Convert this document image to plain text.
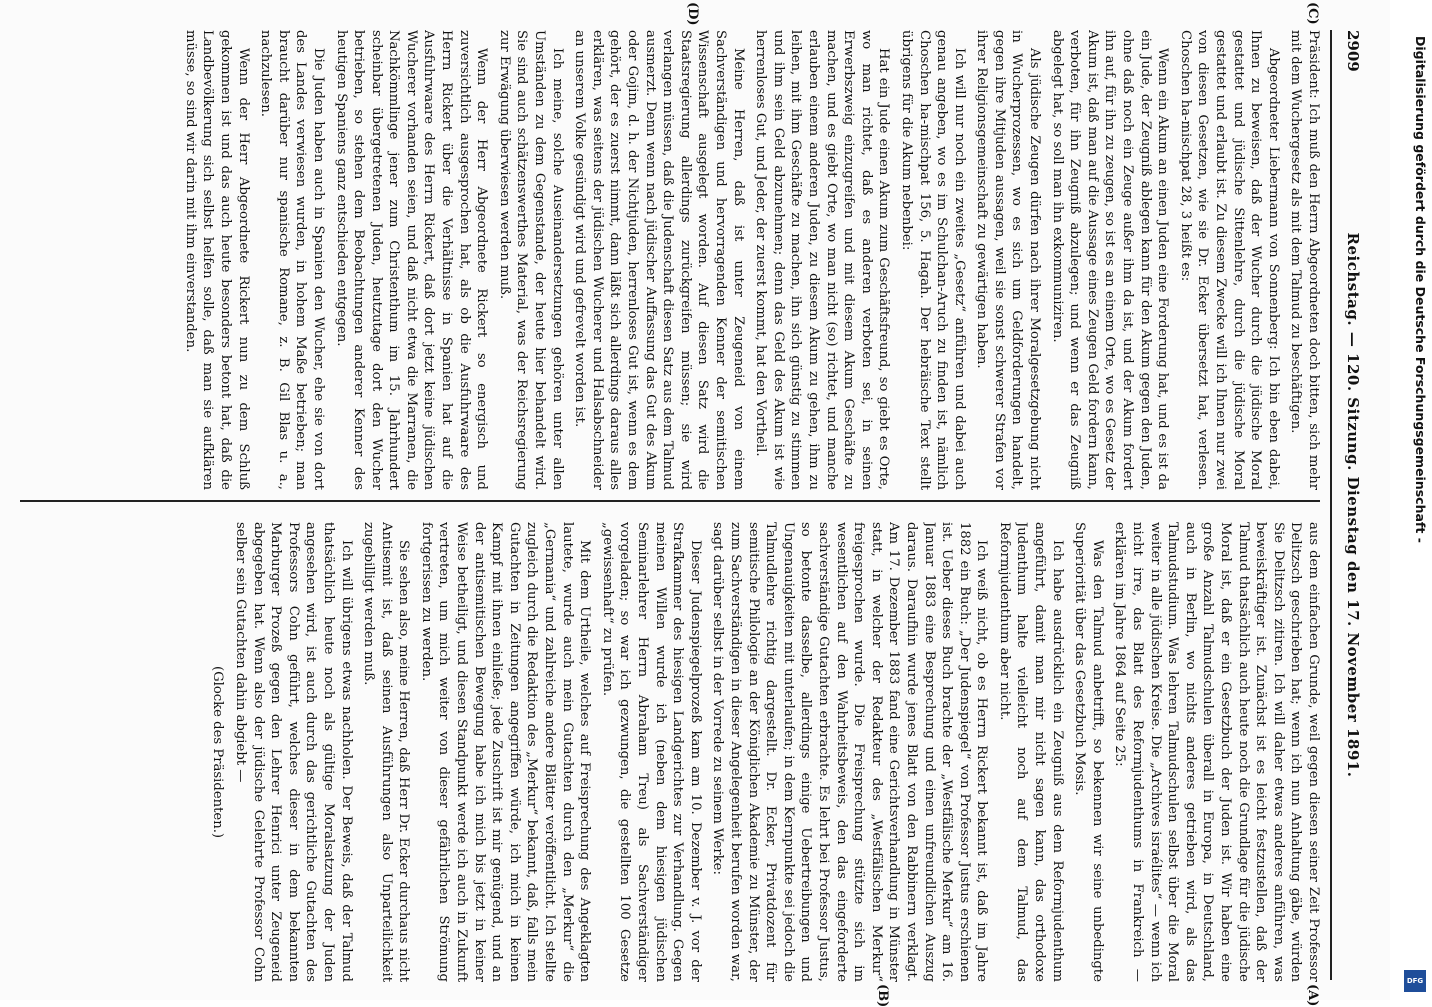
2909
Reichstag. — 120. Sitzung. Dienstag den 17. November 1891.

Präsident: Ich muß den Herrn Abgeordneten doch bitten, sich mehr mit dem Wuchergesetz als mit dem Talmud zu beschäftigen.

Abgeordneter Liebermann von Sonnenberg: Ich bin eben dabei, Ihnen zu beweisen, daß der Wucher durch die jüdische Moral gestattet und jüdische Sittenlehre, durch die jüdische Moral gestattet und erlaubt ist. Zu diesem Zwecke will ich Ihnen nur zwei von diesen Gesetzen, wie sie Dr. Ecker übersetzt hat, verlesen. Choschen ha-mischpat 28, 3 heißt es:

Wenn ein Akum an einen Juden eine Forderung hat, und es ist da ein Jude, der Zeugniß ablegen kann für den Akum gegen den Juden, ohne daß noch ein Zeuge außer ihm da ist, und der Akum fordert ihn auf, für ihn zu zeugen, so ist es an einem Orte, wo es Gesetz der Akum ist, daß man auf die Aussage eines Zeugen Geld fordern kann, verboten, für ihn Zeugniß abzulegen; und wenn er das Zeugniß abgelegt hat, so soll man ihn exkommuniziren.

Als jüdische Zeugen dürfen nach ihrer Moralgesetzgebung nicht in Wucherprozessen, wo es sich um Geldforderungen handelt, gegen ihre Mitjuden aussagen, weil sie sonst schwerer Strafen vor ihrer Religionsgemeinschaft zu gewärtigen haben.

Ich will nur noch ein zweites „Gesetz“ anführen und dabei auch genau angeben, wo es im Schulchan-Aruch zu finden ist, nämlich Choschen ha-mischpat 156, 5. Hagah. Der hebräische Text stellt übrigens für die Akum nebenbei:

Hat ein Jude einen Akum zum Geschäftsfreund, so giebt es Orte, wo man richtet, daß es anderen verboten sei, in seinen Erwerbszweig einzugreifen und mit diesem Akum Geschäfte zu machen, und es giebt Orte, wo man nicht (so) richtet, und manche erlauben einem anderen Juden, zu diesem Akum zu gehen, ihm zu leihen, mit ihm Geschäfte zu machen, ihn sich günstig zu stimmen und ihm sein Geld abzunehmen; denn das Geld des Akum ist wie herrenloses Gut, und Jeder, der zuerst kommt, hat den Vortheil.

Meine Herren, daß ist unter Zeugeneid von einem Sachverständigen und hervorragenden Kenner der semitischen Wissenschaft ausgelegt worden. Auf diesen Satz wird die Staatsregierung allerdings zurückgreifen müssen; sie wird verlangen müssen, daß die Judenschaft diesen Satz aus dem Talmud ausmerzt. Denn wenn nach jüdischer Auffassung das Gut des Akum oder Gojim, d. h. der Nichtjuden, herrenloses Gut ist, wenn es dem gehört, der es zuerst nimmt, dann läßt sich allerdings daraus alles erklären, was seitens der jüdischen Wucherer und Halsabschneider an unserem Volke gesündigt wird und gefrevelt worden ist.

Ich meine, solche Auseinandersetzungen gehören unter allen Umständen zu dem Gegenstande, der heute hier behandelt wird. Sie sind auch schätzenswerthes Material, was der Reichsregierung zur Erwägung überwiesen werden muß.

Wenn der Herr Abgeordnete Rickert so energisch und zuversichtlich ausgesprochen hat, als ob die Ausfuhrwaare des Herrn Rickert über die Verhältnisse in Spanien hat auf die Ausfuhrwaare des Herrn Rickert, daß dort jetzt keine jüdischen Wucherer vorhanden seien, und daß nicht etwa die Marranen, die Nachkömmlinge jener zum Christenthum im 15. Jahrhundert scheinbar übergetretenen Juden, heutzutage dort den Wucher betrieben, so stehen dem Beobachtungen anderer Kenner des heutigen Spaniens ganz entschieden entgegen.

Die Juden haben auch in Spanien den Wucher, ehe sie von dort des Landes verwiesen wurden, in hohem Maße betrieben; man braucht darüber nur spanische Romane, z. B. Gil Blas u. a., nachzulesen.

Wenn der Herr Abgeordnete Rickert nun zu dem Schluß gekommen ist und das auch heute besonders betont hat, daß die Landbevölkerung sich selbst helfen solle, daß man sie aufklären müsse, so sind wir darin mit ihm einverstanden.

aus dem einfachen Grunde, weil gegen diesen seiner Zeit Professor Delitzsch geschrieben hat; wenn ich nun Anhaltung gäbe, würden Sie Delitzsch zitiren. Ich will daher etwas anderes anführen, was beweiskräftiger ist. Zunächst ist es leicht festzustellen, daß der Talmud thatsächlich auch heute noch die Grundlage für die jüdische Moral ist, daß er ein Gesetzbuch der Juden ist. Wir haben eine große Anzahl Talmudschulen überall in Europa, in Deutschland, auch in Berlin, wo nichts anderes getrieben wird, als das Talmudstudium. Was lehren Talmudschulen selbst über die Moral weiter in alle jüdischen Kreise. Die „Archives israélites“ — wenn ich nicht irre, das Blatt des Reformjudenthums in Frankreich — erklären im Jahre 1864 auf Seite 25:

Was den Talmud anbetrifft, so bekennen wir seine unbedingte Superiorität über das Gesetzbuch Mosis.

Ich habe ausdrücklich ein Zeugniß aus dem Reformjudenthum angeführt, damit man mir nicht sagen kann, das orthodoxe Judenthum halte vielleicht noch auf dem Talmud, das Reformjudenthum aber nicht.

Ich weiß nicht, ob es Herrn Rickert bekannt ist, daß im Jahre 1882 ein Buch: „Der Judenspiegel“ von Professor Justus erschienen ist. Ueber dieses Buch brachte der „Westfälische Merkur“ am 16. Januar 1883 eine Besprechung und einen unfreundlichen Auszug daraus. Daraufhin wurde jenes Blatt von den Rabbinern verklagt. Am 17. Dezember 1883 fand eine Gerichtsverhandlung in Münster statt, in welcher der Redakteur des „Westfälischen Merkur“ freigesprochen wurde. Die Freisprechung stützte sich im wesentlichen auf den Wahrheitsbeweis, den das eingeforderte sachverständige Gutachten erbrachte. Es lehrt bei Professor Justus, so betonte dasselbe, allerdings einige Uebertreibungen und Ungenauigkeiten mit unterlaufen; in dem Kernpunkte sei jedoch die Talmudlehre richtig dargestellt. Dr. Ecker, Privatdozent für semitische Philologie an der Königlichen Akademie zu Münster, der zum Sachverständigen in dieser Angelegenheit berufen worden war, sagt darüber selbst in der Vorrede zu seinem Werke:

Dieser Judenspiegelprozeß kam am 10. Dezember v. J. vor der Strafkammer des hiesigen Landgerichtes zur Verhandlung. Gegen meinen Willen wurde ich (neben dem hiesigen jüdischen Seminarlehrer Herrn Abraham Treu) als Sachverständiger vorgeladen; so war ich gezwungen, die gestellten 100 Gesetze „gewissenhaft“ zu prüfen.

Mit dem Urtheile, welches auf Freisprechung des Angeklagten lautete, wurde auch mein Gutachten durch den „Merkur“ die „Germania“ und zahlreiche andere Blätter veröffentlicht. Ich stellte zugleich durch die Redaktion des „Merkur“ bekannt, daß, falls mein Gutachten in Zeitungen angegriffen würde, ich mich in keinen Kampf mit ihnen einließe; jede Zuschrift ist mir genügend, und an der antisemitischen Bewegung habe ich mich bis jetzt in keiner Weise betheiligt, und diesen Standpunkt werde ich auch in Zukunft vertreten, um mich weiter von dieser gefährlichen Strömung fortgerissen zu werden.

Sie sehen also, meine Herren, daß Herr Dr. Ecker durchaus nicht Antisemit ist, daß seinen Ausführungen also Unparteilichkeit zugebilligt werden muß.

Ich will übrigens etwas nachholen. Der Beweis, daß der Talmud thatsächlich heute noch als gültige Moralsatzung der Juden angesehen wird, ist auch durch das gerichtliche Gutachten des Professors Cohn geführt, welches dieser in dem bekannten Marburger Prozeß gegen den Lehrer Henrici unter Zeugeneid abgegeben hat. Wenn also der jüdische Gelehrte Professor Cohn selber sein Gutachten dahin abgiebt —

(Glocke des Präsidenten.)

(A)
(B)
(C)
(D)
Digitalisierung gefördert durch die Deutsche Forschungsgemeinschaft -
DFG
